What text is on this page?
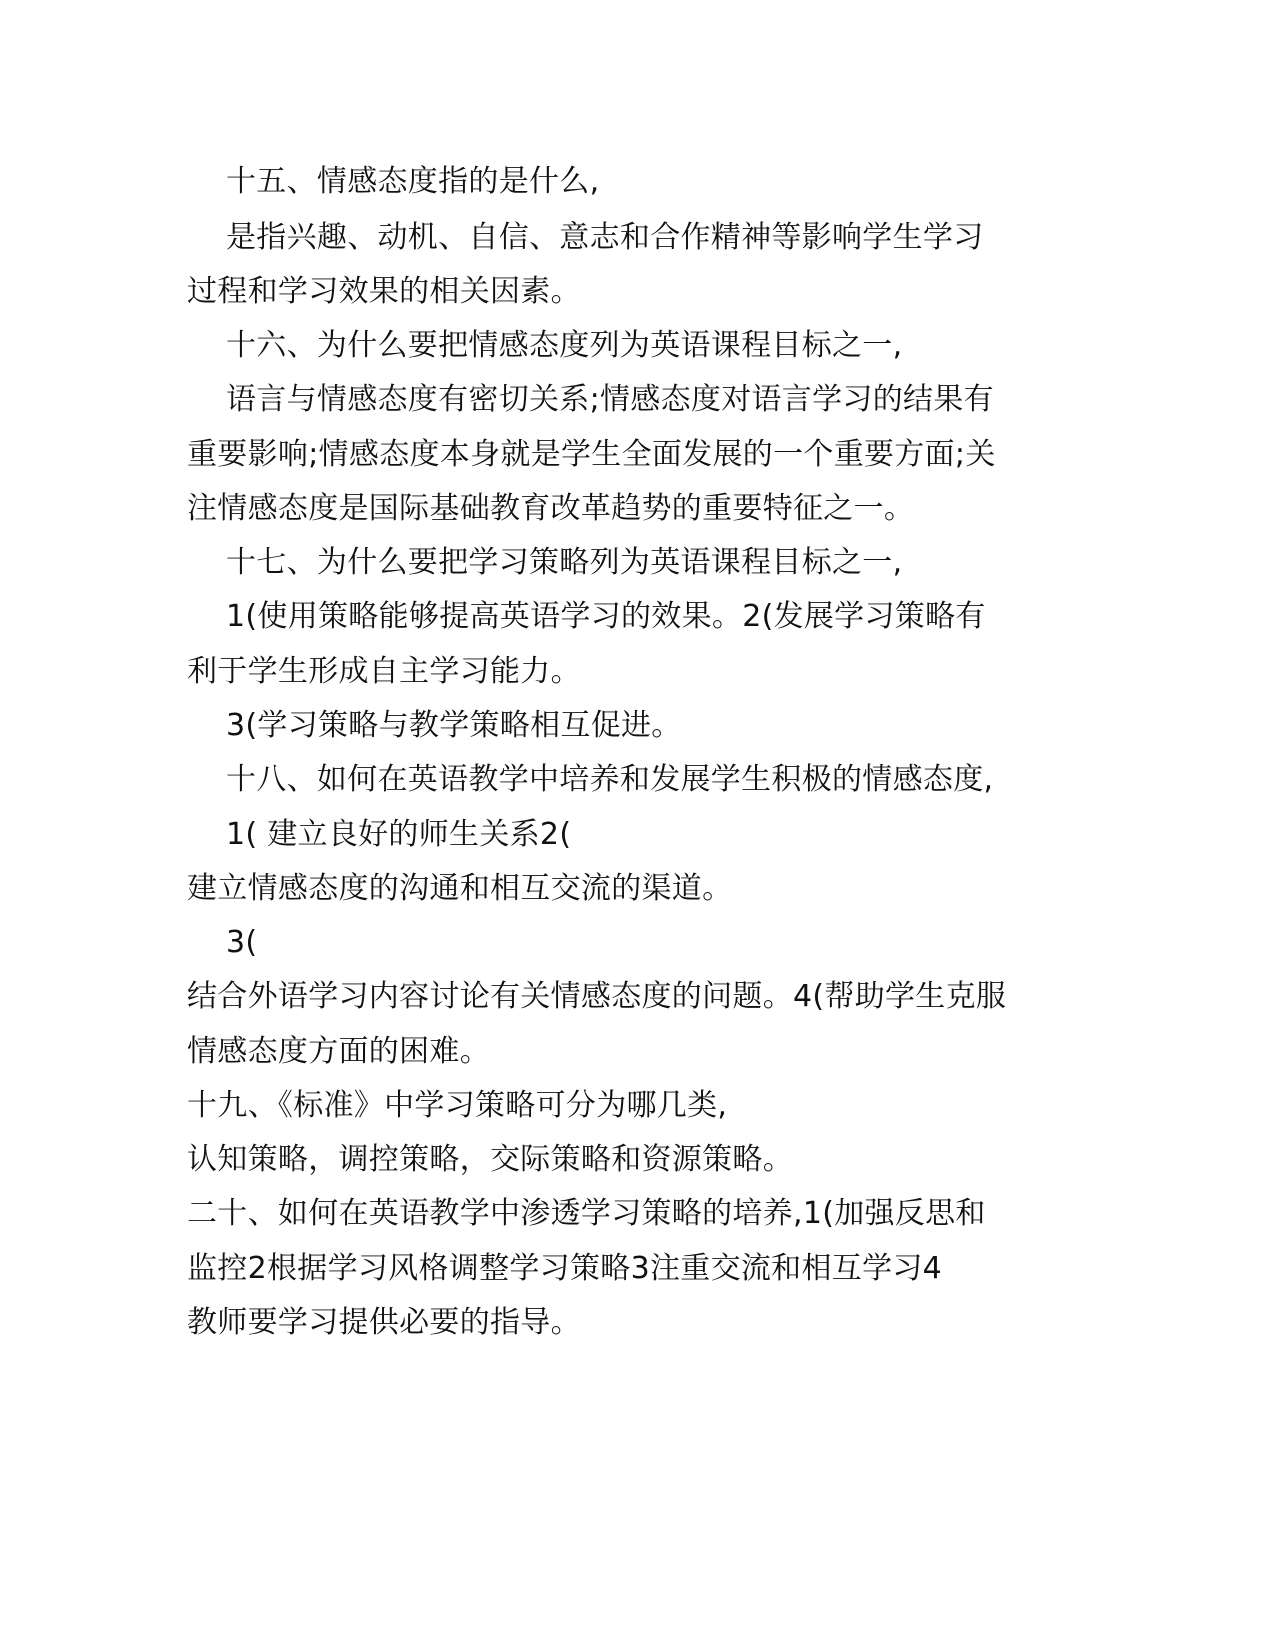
十五、情感态度指的是什么,
是指兴趣、动机、自信、意志和合作精神等影响学生学习
过程和学习效果的相关因素。
十六、为什么要把情感态度列为英语课程目标之一,
语言与情感态度有密切关系;情感态度对语言学习的结果有
重要影响;情感态度本身就是学生全面发展的一个重要方面;关
注情感态度是国际基础教育改革趋势的重要特征之一。
十七、为什么要把学习策略列为英语课程目标之一,
1(使用策略能够提高英语学习的效果。2(发展学习策略有
利于学生形成自主学习能力。
3(学习策略与教学策略相互促进。
十八、如何在英语教学中培养和发展学生积极的情感态度,
1( 建立良好的师生关系2(
建立情感态度的沟通和相互交流的渠道。
3(
结合外语学习内容讨论有关情感态度的问题。4(帮助学生克服
情感态度方面的困难。
十九、《标准》中学习策略可分为哪几类,
认知策略，调控策略，交际策略和资源策略。
二十、如何在英语教学中渗透学习策略的培养,1(加强反思和
监控2根据学习风格调整学习策略3注重交流和相互学习4
教师要学习提供必要的指导。
